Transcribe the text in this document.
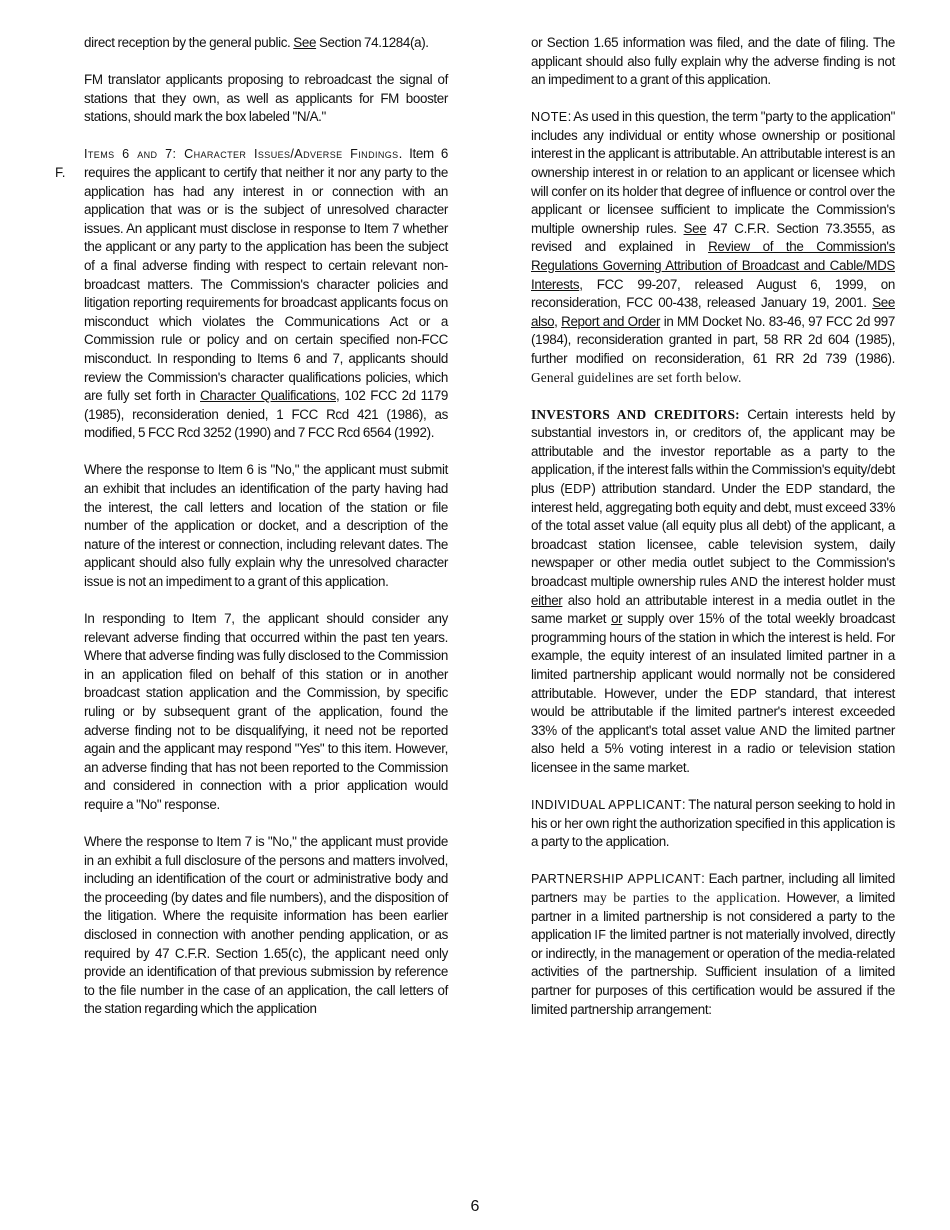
direct reception by the general public. See Section 74.1284(a).

FM translator applicants proposing to rebroadcast the signal of stations that they own, as well as applicants for FM booster stations, should mark the box labeled "N/A."

Items 6 and 7: Character Issues/Adverse Findings. Item 6 requires the applicant to certify that neither it nor any party to the application has had any interest in or connection with an application that was or is the subject of unresolved character issues. An applicant must disclose in response to Item 7 whether the applicant or any party to the application has been the subject of a final adverse finding with respect to certain relevant non-broadcast matters. The Commission's character policies and litigation reporting requirements for broadcast applicants focus on misconduct which violates the Communications Act or a Commission rule or policy and on certain specified non-FCC misconduct. In responding to Items 6 and 7, applicants should review the Commission's character qualifications policies, which are fully set forth in Character Qualifications, 102 FCC 2d 1179 (1985), reconsideration denied, 1 FCC Rcd 421 (1986), as modified, 5 FCC Rcd 3252 (1990) and 7 FCC Rcd 6564 (1992).

Where the response to Item 6 is "No," the applicant must submit an exhibit that includes an identification of the party having had the interest, the call letters and location of the station or file number of the application or docket, and a description of the nature of the interest or connection, including relevant dates. The applicant should also fully explain why the unresolved character issue is not an impediment to a grant of this application.

In responding to Item 7, the applicant should consider any relevant adverse finding that occurred within the past ten years. Where that adverse finding was fully disclosed to the Commission in an application filed on behalf of this station or in another broadcast station application and the Commission, by specific ruling or by subsequent grant of the application, found the adverse finding not to be disqualifying, it need not be reported again and the applicant may respond "Yes" to this item. However, an adverse finding that has not been reported to the Commission and considered in connection with a prior application would require a "No" response.

Where the response to Item 7 is "No," the applicant must provide in an exhibit a full disclosure of the persons and matters involved, including an identification of the court or administrative body and the proceeding (by dates and file numbers), and the disposition of the litigation. Where the requisite information has been earlier disclosed in connection with another pending application, or as required by 47 C.F.R. Section 1.65(c), the applicant need only provide an identification of that previous submission by reference to the file number in the case of an application, the call letters of the station regarding which the application

F.

or Section 1.65 information was filed, and the date of filing. The applicant should also fully explain why the adverse finding is not an impediment to a grant of this application.

NOTE: As used in this question, the term "party to the application" includes any individual or entity whose ownership or positional interest in the applicant is attributable. An attributable interest is an ownership interest in or relation to an applicant or licensee which will confer on its holder that degree of influence or control over the applicant or licensee sufficient to implicate the Commission's multiple ownership rules. See 47 C.F.R. Section 73.3555, as revised and explained in Review of the Commission's Regulations Governing Attribution of Broadcast and Cable/MDS Interests, FCC 99-207, released August 6, 1999, on reconsideration, FCC 00-438, released January 19, 2001. See also, Report and Order in MM Docket No. 83-46, 97 FCC 2d 997 (1984), reconsideration granted in part, 58 RR 2d 604 (1985), further modified on reconsideration, 61 RR 2d 739 (1986). General guidelines are set forth below.

INVESTORS AND CREDITORS: Certain interests held by substantial investors in, or creditors of, the applicant may be attributable and the investor reportable as a party to the application, if the interest falls within the Commission's equity/debt plus (EDP) attribution standard. Under the EDP standard, the interest held, aggregating both equity and debt, must exceed 33% of the total asset value (all equity plus all debt) of the applicant, a broadcast station licensee, cable television system, daily newspaper or other media outlet subject to the Commission's broadcast multiple ownership rules AND the interest holder must either also hold an attributable interest in a media outlet in the same market or supply over 15% of the total weekly broadcast programming hours of the station in which the interest is held. For example, the equity interest of an insulated limited partner in a limited partnership applicant would normally not be considered attributable. However, under the EDP standard, that interest would be attributable if the limited partner's interest exceeded 33% of the applicant's total asset value AND the limited partner also held a 5% voting interest in a radio or television station licensee in the same market.

INDIVIDUAL APPLICANT: The natural person seeking to hold in his or her own right the authorization specified in this application is a party to the application.

PARTNERSHIP APPLICANT: Each partner, including all limited partners may be parties to the application. However, a limited partner in a limited partnership is not considered a party to the application IF the limited partner is not materially involved, directly or indirectly, in the management or operation of the media-related activities of the partnership. Sufficient insulation of a limited partner for purposes of this certification would be assured if the limited partnership arrangement:

6
